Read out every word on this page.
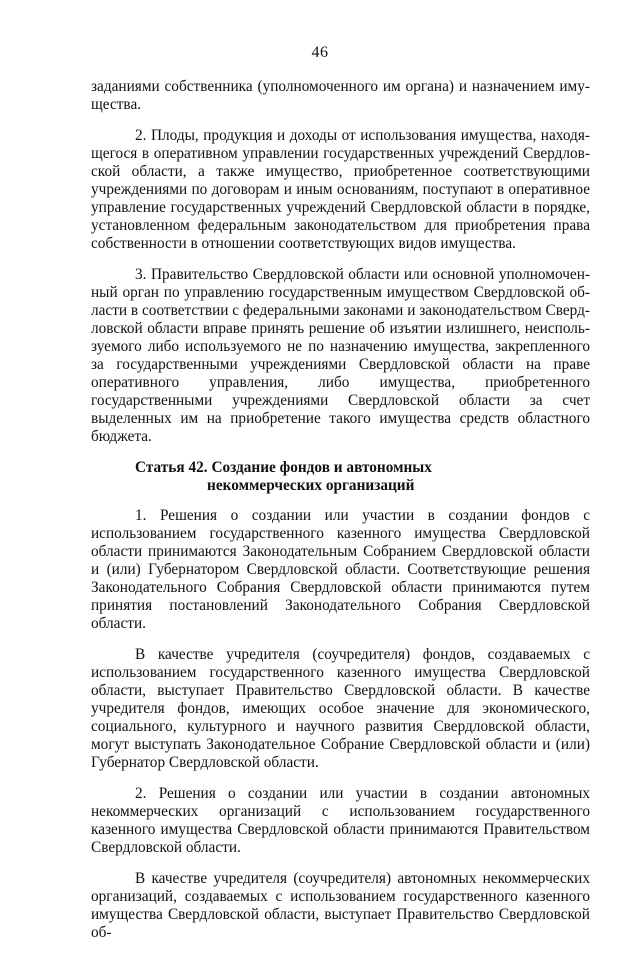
46

заданиями собственника (уполномоченного им органа) и назначением имущества.

2. Плоды, продукция и доходы от использования имущества, находящегося в оперативном управлении государственных учреждений Свердловской области, а также имущество, приобретенное соответствующими учреждениями по договорам и иным основаниям, поступают в оперативное управление государственных учреждений Свердловской области в порядке, установленном федеральным законодательством для приобретения права собственности в отношении соответствующих видов имущества.

3. Правительство Свердловской области или основной уполномоченный орган по управлению государственным имуществом Свердловской области в соответствии с федеральными законами и законодательством Свердловской области вправе принять решение об изъятии излишнего, неиспользуемого либо используемого не по назначению имущества, закрепленного за государственными учреждениями Свердловской области на праве оперативного управления, либо имущества, приобретенного государственными учреждениями Свердловской области за счет выделенных им на приобретение такого имущества средств областного бюджета.

Статья 42. Создание фондов и автономных
некоммерческих организаций

1. Решения о создании или участии в создании фондов с использованием государственного казенного имущества Свердловской области принимаются Законодательным Собранием Свердловской области и (или) Губернатором Свердловской области. Соответствующие решения Законодательного Собрания Свердловской области принимаются путем принятия постановлений Законодательного Собрания Свердловской области.

В качестве учредителя (соучредителя) фондов, создаваемых с использованием государственного казенного имущества Свердловской области, выступает Правительство Свердловской области. В качестве учредителя фондов, имеющих особое значение для экономического, социального, культурного и научного развития Свердловской области, могут выступать Законодательное Собрание Свердловской области и (или) Губернатор Свердловской области.

2. Решения о создании или участии в создании автономных некоммерческих организаций с использованием государственного казенного имущества Свердловской области принимаются Правительством Свердловской области.

В качестве учредителя (соучредителя) автономных некоммерческих организаций, создаваемых с использованием государственного казенного имущества Свердловской области, выступает Правительство Свердловской об-
